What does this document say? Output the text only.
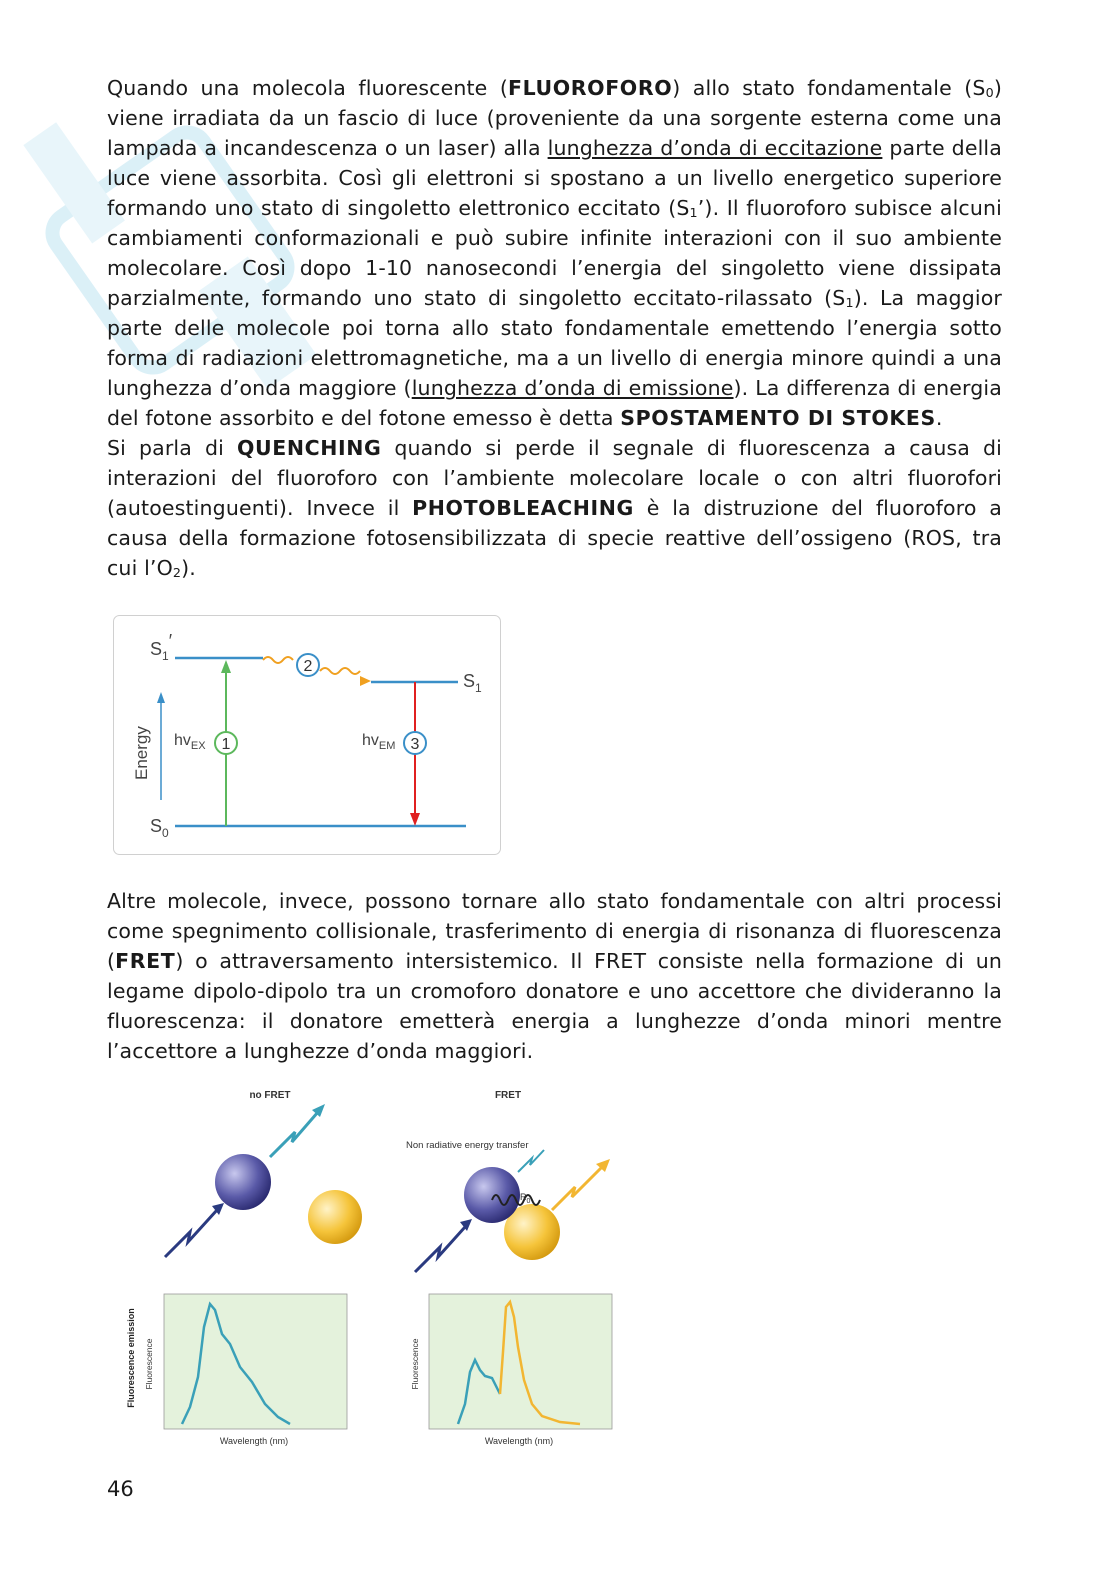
Quando una molecola fluorescente (FLUOROFORO) allo stato fondamentale $(S_0)$ viene irradiata da un fascio di luce (proveniente da una sorgente esterna come una lampada a incandescenza o un laser) alla lunghezza d’onda di eccitazione parte della luce viene assorbita. Così gli elettroni si spostano a un livello energetico superiore formando uno stato di singoletto elettronico eccitato $(S_1’)$. Il fluoroforo subisce alcuni cambiamenti conformazionali e può subire infinite interazioni con il suo ambiente molecolare. Così dopo 1-10 nanosecondi l’energia del singoletto viene dissipata parzialmente, formando uno stato di singoletto eccitato-rilassato $(S_1)$. La maggior parte delle molecole poi torna allo stato fondamentale emettendo l’energia sotto forma di radiazioni elettromagnetiche, ma a un livello di energia minore quindi a una lunghezza d’onda maggiore (lunghezza d’onda di emissione). La differenza di energia del fotone assorbito e del fotone emesso è detta SPOSTAMENTO DI STOKES.
Si parla di QUENCHING quando si perde il segnale di fluorescenza a causa di interazioni del fluoroforo con l’ambiente molecolare locale o con altri fluorofori (autoestinguenti). Invece il PHOTOBLEACHING è la distruzione del fluoroforo a causa della formazione fotosensibilizzata di specie reattive dell’ossigeno (ROS, tra cui $l’O_2$).

Energy	1
$hv_{EX}$
2
3
$hv_{EM}$
$S_1'$
$S_1$
$S_0$

Altre molecole, invece, possono tornare allo stato fondamentale con altri processi come spegnimento collisionale, trasferimento di energia di risonanza di fluorescenza (FRET) o attraversamento intersistemico. Il FRET consiste nella formazione di un legame dipolo-dipolo tra un cromoforo donatore e uno accettore che divideranno la fluorescenza: il donatore emetterà energia a lunghezze d’onda minori mentre l’accettore a lunghezze d’onda maggiori.

no FRET	FRET
Non radiative energy transfer
$R_0$
Wavelength (nm)
Fluorescence
Fluorescence emission
Wavelength (nm)
Fluorescence
46
